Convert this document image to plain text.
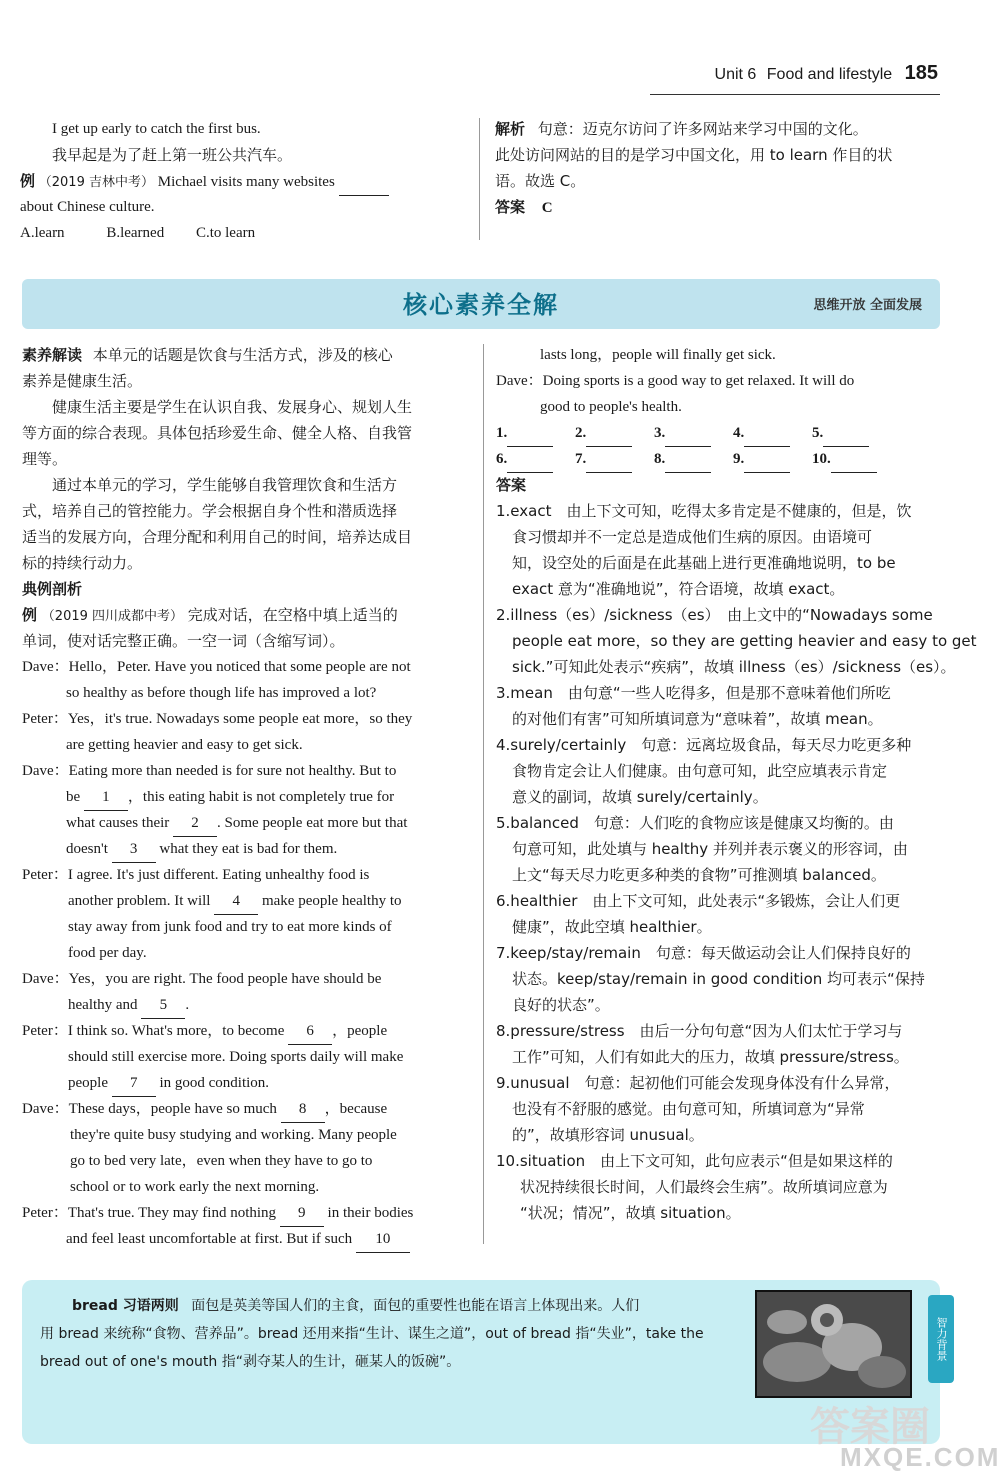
Unit 6 Food and lifestyle 185
I get up early to catch the first bus.
我早起是为了赶上第一班公共汽车。
例 （2019 吉林中考） Michael visits many websites
about Chinese culture.
A.learn	B.learned C.to learn
解析 句意：迈克尔访问了许多网站来学习中国的文化。
此处访问网站的目的是学习中国文化，用 to learn 作目的状
语。故选 C。
答案 C
核心素养全解	思维开放 全面发展
素养解读 本单元的话题是饮食与生活方式，涉及的核心
素养是健康生活。
健康生活主要是学生在认识自我、发展身心、规划人生
等方面的综合表现。具体包括珍爱生命、健全人格、自我管
理等。
通过本单元的学习，学生能够自我管理饮食和生活方
式，培养自己的管控能力。学会根据自身个性和潜质选择
适当的发展方向，合理分配和利用自己的时间，培养达成目
标的持续行动力。
典例剖析
例 （2019 四川成都中考） 完成对话，在空格中填上适当的
单词，使对话完整正确。一空一词（含缩写词）。
Dave：Hello，Peter. Have you noticed that some people are not
so healthy as before though life has improved a lot?
Peter：Yes，it's true. Nowadays some people eat more，so they
are getting heavier and easy to get sick.
Dave：Eating more than needed is for sure not healthy. But to
be 1 ，this eating habit is not completely true for
what causes their 2 . Some people eat more but that
doesn't 3 what they eat is bad for them.
Peter：I agree. It's just different. Eating unhealthy food is
another problem. It will 4 make people healthy to
stay away from junk food and try to eat more kinds of
food per day.
Dave：Yes，you are right. The food people have should be
healthy and 5 .
Peter：I think so. What's more，to become 6 ，people
should still exercise more. Doing sports daily will make
people 7 in good condition.
Dave：These days，people have so much 8 ，because
they're quite busy studying and working. Many people
go to bed very late，even when they have to go to
school or to work early the next morning.
Peter：That's true. They may find nothing 9 in their bodies
and feel least uncomfortable at first. But if such 10
lasts long，people will finally get sick.
Dave：Doing sports is a good way to get relaxed. It will do
good to people's health.
1.	2.	3.	4.	5.
6.	7.	8.	9.	10.
答案
1.exact　由上下文可知，吃得太多肯定是不健康的，但是，饮
食习惯却并不一定总是造成他们生病的原因。由语境可
知，设空处的后面是在此基础上进行更准确地说明，to be
exact 意为“准确地说”，符合语境，故填 exact。
2.illness（es）/sickness（es）　由上文中的“Nowadays some
people eat more，so they are getting heavier and easy to get
sick.”可知此处表示“疾病”，故填 illness（es）/sickness（es）。
3.mean　由句意“一些人吃得多，但是那不意味着他们所吃
的对他们有害”可知所填词意为“意味着”，故填 mean。
4.surely/certainly　句意：远离垃圾食品，每天尽力吃更多种
食物肯定会让人们健康。由句意可知，此空应填表示肯定
意义的副词，故填 surely/certainly。
5.balanced　句意：人们吃的食物应该是健康又均衡的。由
句意可知，此处填与 healthy 并列并表示褒义的形容词，由
上文“每天尽力吃更多种类的食物”可推测填 balanced。
6.healthier　由上下文可知，此处表示“多锻炼，会让人们更
健康”，故此空填 healthier。
7.keep/stay/remain　句意：每天做运动会让人们保持良好的
状态。keep/stay/remain in good condition 均可表示“保持
良好的状态”。
8.pressure/stress　由后一分句句意“因为人们太忙于学习与
工作”可知，人们有如此大的压力，故填 pressure/stress。
9.unusual　句意：起初他们可能会发现身体没有什么异常，
也没有不舒服的感觉。由句意可知，所填词意为“异常
的”，故填形容词 unusual。
10.situation　由上下文可知，此句应表示“但是如果这样的
状况持续很长时间，人们最终会生病”。故所填词应意为
“状况；情况”，故填 situation。
bread 习语两则 面包是英美等国人们的主食，面包的重要性也能在语言上体现出来。人们
用 bread 来统称“食物、营养品”。bread 还用来指“生计、谋生之道”，out of bread 指“失业”，take the
bread out of one's mouth 指“剥夺某人的生计，砸某人的饭碗”。
智力背景
答案圈
MXQE.COM
